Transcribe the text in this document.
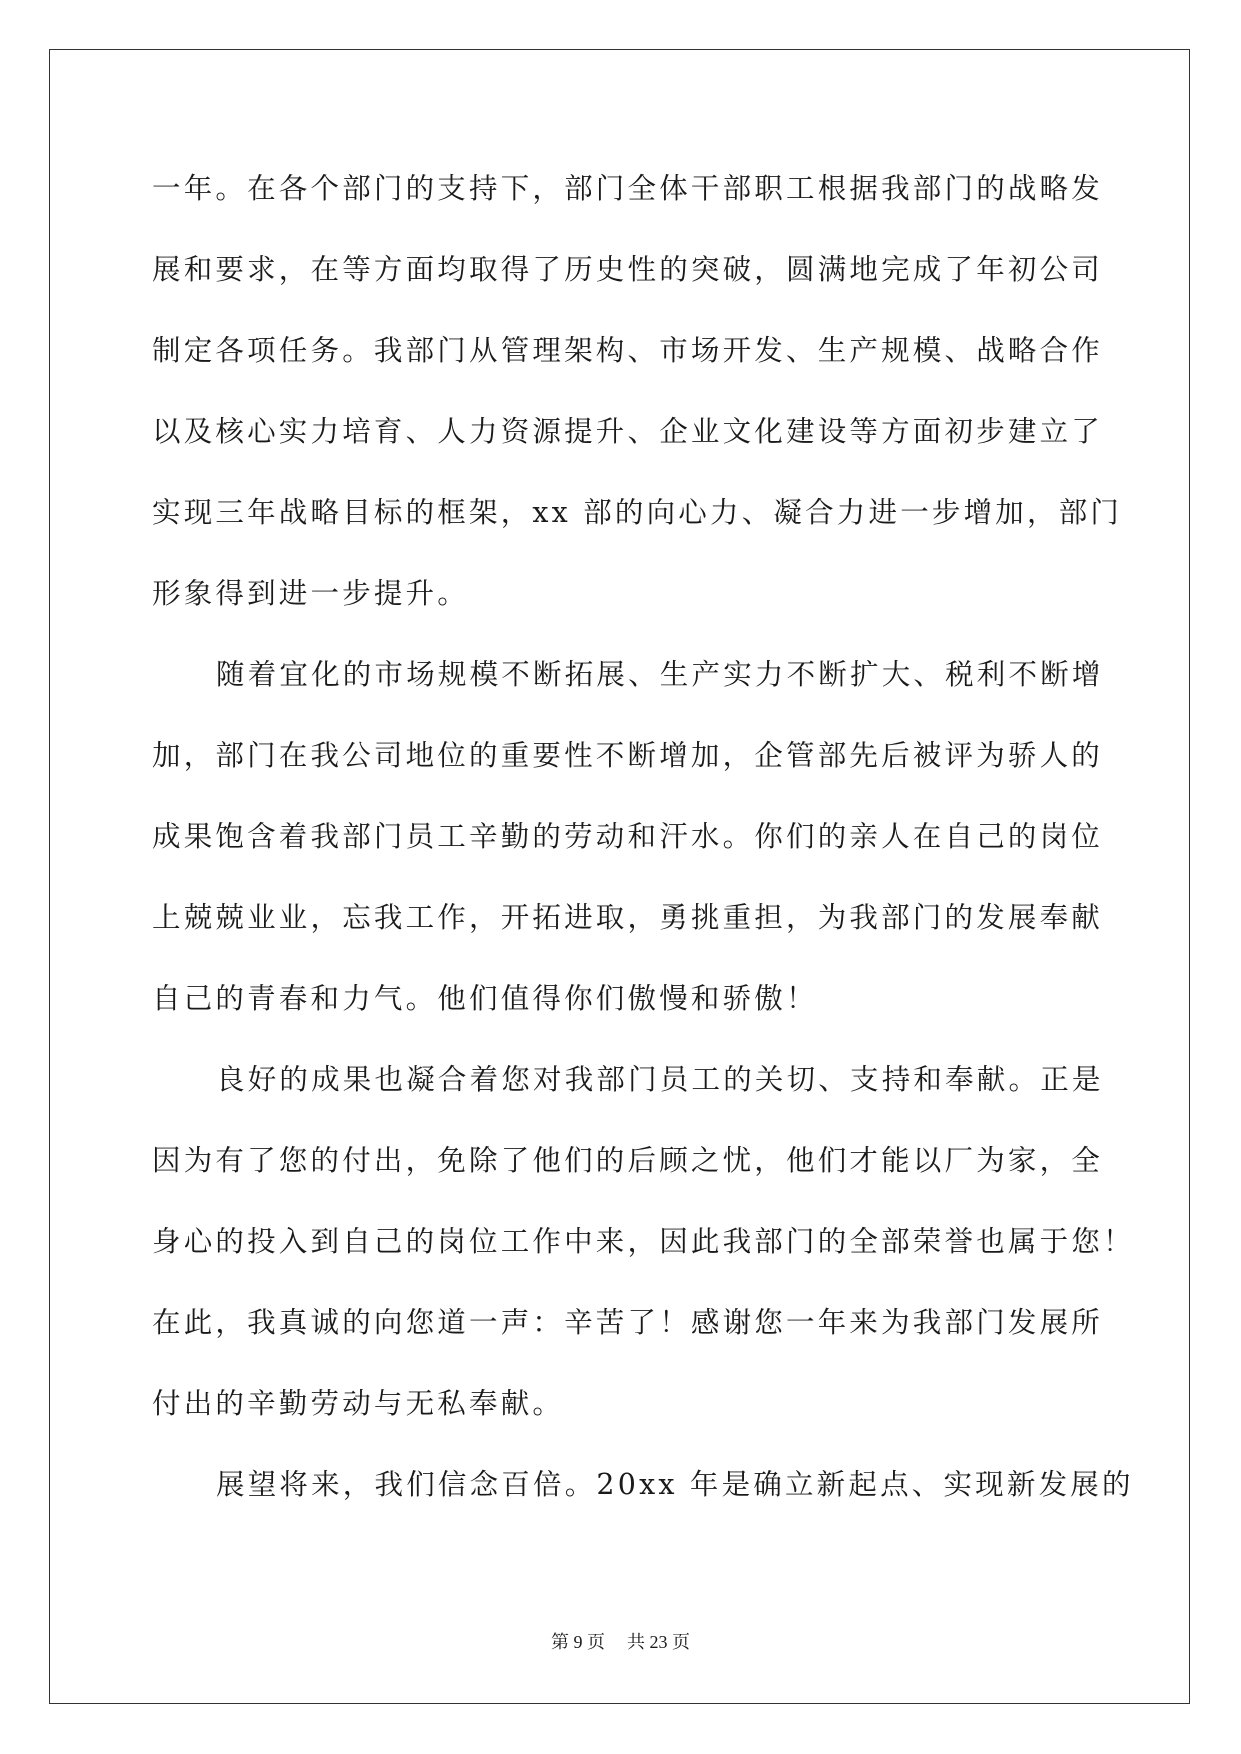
一年。在各个部门的支持下，部门全体干部职工根据我部门的战略发
展和要求，在等方面均取得了历史性的突破，圆满地完成了年初公司
制定各项任务。我部门从管理架构、市场开发、生产规模、战略合作
以及核心实力培育、人力资源提升、企业文化建设等方面初步建立了
实现三年战略目标的框架，xx 部的向心力、凝合力进一步增加，部门
形象得到进一步提升。
随着宜化的市场规模不断拓展、生产实力不断扩大、税利不断增
加，部门在我公司地位的重要性不断增加，企管部先后被评为骄人的
成果饱含着我部门员工辛勤的劳动和汗水。你们的亲人在自己的岗位
上兢兢业业，忘我工作，开拓进取，勇挑重担，为我部门的发展奉献
自己的青春和力气。他们值得你们傲慢和骄傲！
良好的成果也凝合着您对我部门员工的关切、支持和奉献。正是
因为有了您的付出，免除了他们的后顾之忧，他们才能以厂为家，全
身心的投入到自己的岗位工作中来，因此我部门的全部荣誉也属于您！
在此，我真诚的向您道一声：辛苦了！感谢您一年来为我部门发展所
付出的辛勤劳动与无私奉献。
展望将来，我们信念百倍。20xx 年是确立新起点、实现新发展的
第 9 页 共 23 页
